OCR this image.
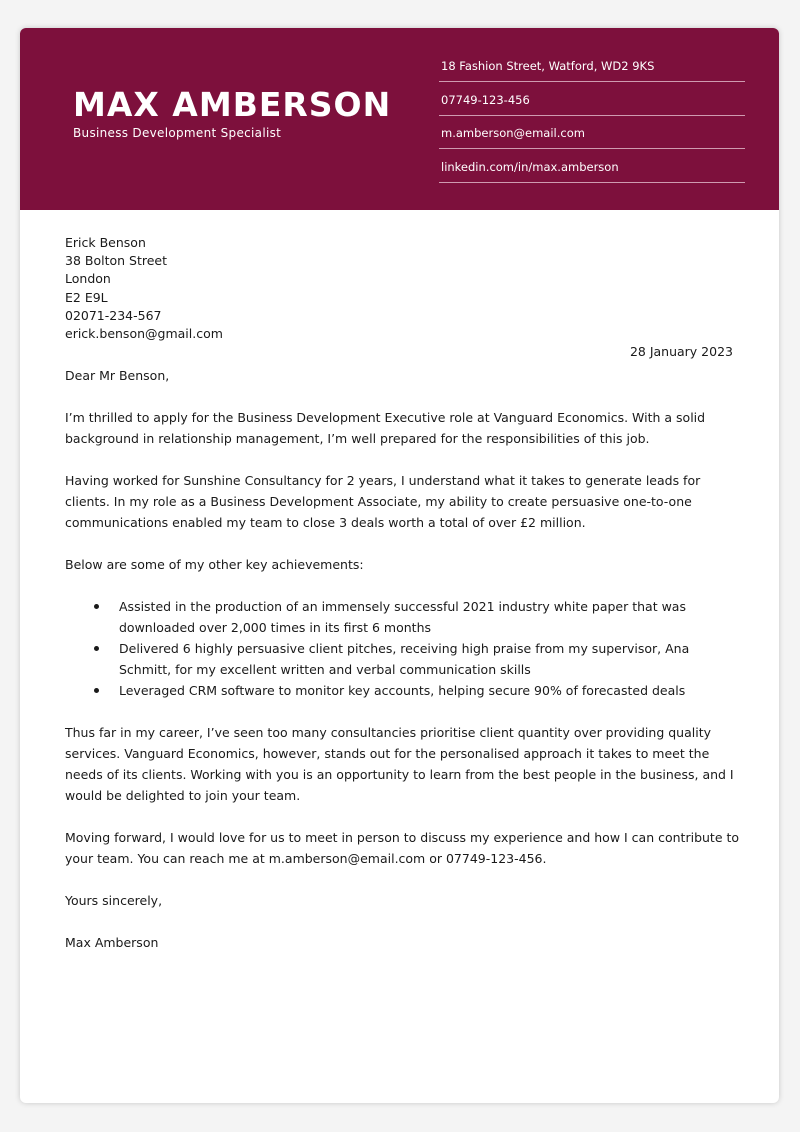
MAX AMBERSON
Business Development Specialist
18 Fashion Street, Watford, WD2 9KS
07749-123-456
m.amberson@email.com
linkedin.com/in/max.amberson
Erick Benson
38 Bolton Street
London
E2 E9L
02071-234-567
erick.benson@gmail.com
28 January 2023

Dear Mr Benson,

I’m thrilled to apply for the Business Development Executive role at Vanguard Economics. With a solid background in relationship management, I’m well prepared for the responsibilities of this job.

Having worked for Sunshine Consultancy for 2 years, I understand what it takes to generate leads for clients. In my role as a Business Development Associate, my ability to create persuasive one-to-one communications enabled my team to close 3 deals worth a total of over £2 million.

Below are some of my other key achievements:

Assisted in the production of an immensely successful 2021 industry white paper that was downloaded over 2,000 times in its first 6 months
Delivered 6 highly persuasive client pitches, receiving high praise from my supervisor, Ana Schmitt, for my excellent written and verbal communication skills
Leveraged CRM software to monitor key accounts, helping secure 90% of forecasted deals

Thus far in my career, I’ve seen too many consultancies prioritise client quantity over providing quality services. Vanguard Economics, however, stands out for the personalised approach it takes to meet the needs of its clients. Working with you is an opportunity to learn from the best people in the business, and I would be delighted to join your team.

Moving forward, I would love for us to meet in person to discuss my experience and how I can contribute to your team. You can reach me at m.amberson@email.com or 07749-123-456.

Yours sincerely,

Max Amberson
